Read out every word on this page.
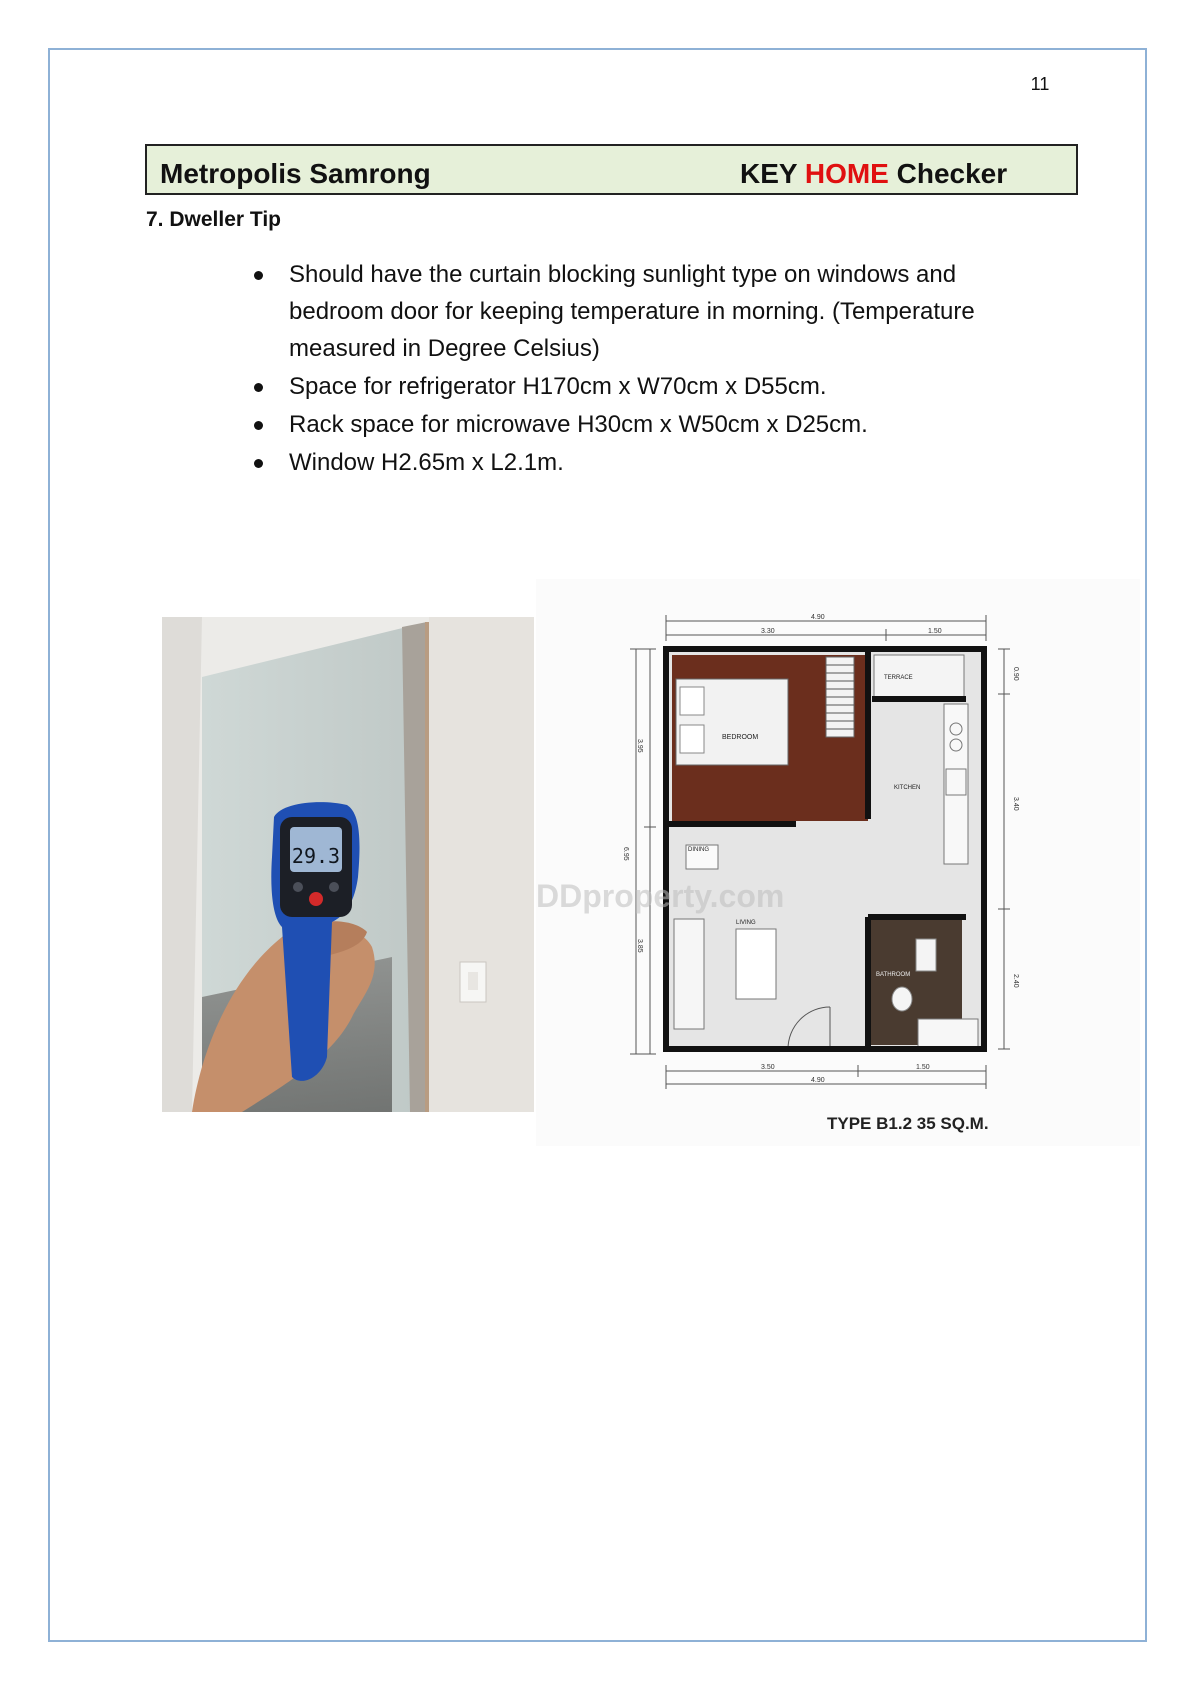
11
Metropolis Samrong	KEY HOME Checker
7. Dweller Tip
Should have the curtain blocking sunlight type on windows and bedroom door for keeping temperature in morning. (Temperature measured in Degree Celsius)
Space for refrigerator H170cm x W70cm x D55cm.
Rack space for microwave H30cm x W50cm x D25cm.
Window H2.65m x L2.1m.
29.3
4.90
3.30	1.50
3.95
6.95
3.85
0.90
3.40
2.40
3.50
4.90
1.50
BEDROOM
TERRACE
KITCHEN
DINING
LIVING
BATHROOM
DDproperty.com
TYPE B1.2 35 SQ.M.
